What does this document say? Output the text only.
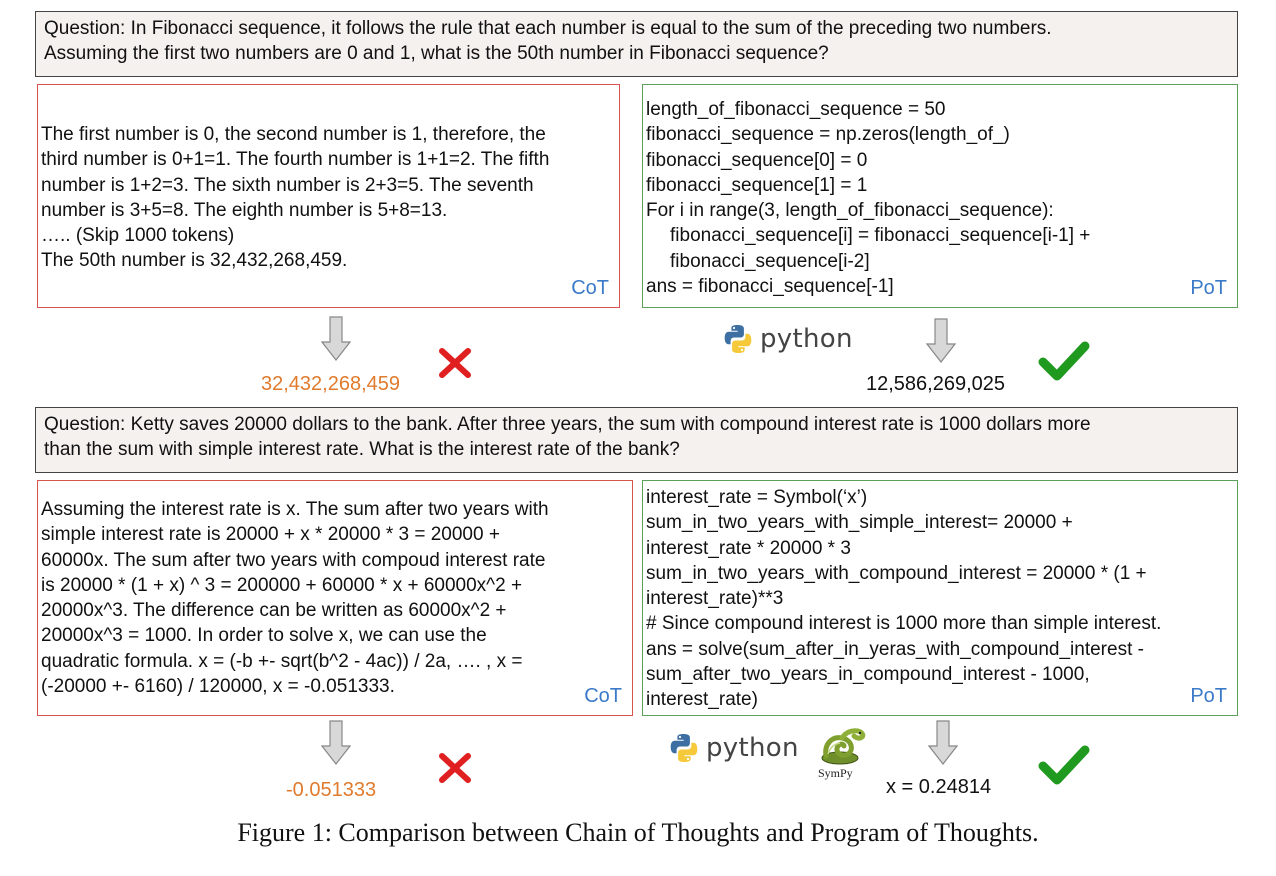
Question: In Fibonacci sequence, it follows the rule that each number is equal to the sum of the preceding two numbers.
Assuming the first two numbers are 0 and 1, what is the 50th number in Fibonacci sequence?
The first number is 0, the second number is 1, therefore, the
third number is 0+1=1. The fourth number is 1+1=2. The fifth
number is 1+2=3. The sixth number is 2+3=5. The seventh
number is 3+5=8. The eighth number is 5+8=13.
….. (Skip 1000 tokens)
The 50th number is 32,432,268,459.
CoT
length_of_fibonacci_sequence = 50
fibonacci_sequence = np.zeros(length_of_)
fibonacci_sequence[0] = 0
fibonacci_sequence[1] = 1
For i in range(3, length_of_fibonacci_sequence):
fibonacci_sequence[i] = fibonacci_sequence[i-1] +
fibonacci_sequence[i-2]
ans = fibonacci_sequence[-1]	PoT
32,432,268,459
python
12,586,269,025
Question: Ketty saves 20000 dollars to the bank. After three years, the sum with compound interest rate is 1000 dollars more
than the sum with simple interest rate. What is the interest rate of the bank?
Assuming the interest rate is x. The sum after two years with
simple interest rate is 20000 + x * 20000 * 3 = 20000 +
60000x. The sum after two years with compoud interest rate
is 20000 * (1 + x) ^ 3 = 200000 + 60000 * x + 60000x^2 +
20000x^3. The difference can be written as 60000x^2 +
20000x^3 = 1000. In order to solve x, we can use the
quadratic formula. x = (-b +- sqrt(b^2 - 4ac)) / 2a, …. , x =
(-20000 +- 6160) / 120000, x = -0.051333.	CoT
interest_rate = Symbol(‘x’)
sum_in_two_years_with_simple_interest= 20000 +
interest_rate * 20000 * 3
sum_in_two_years_with_compound_interest = 20000 * (1 +
interest_rate)**3
# Since compound interest is 1000 more than simple interest.
ans = solve(sum_after_in_yeras_with_compound_interest -
sum_after_two_years_in_compound_interest - 1000,
interest_rate)	PoT
-0.051333
python
SymPy
x = 0.24814
Figure 1: Comparison between Chain of Thoughts and Program of Thoughts.
